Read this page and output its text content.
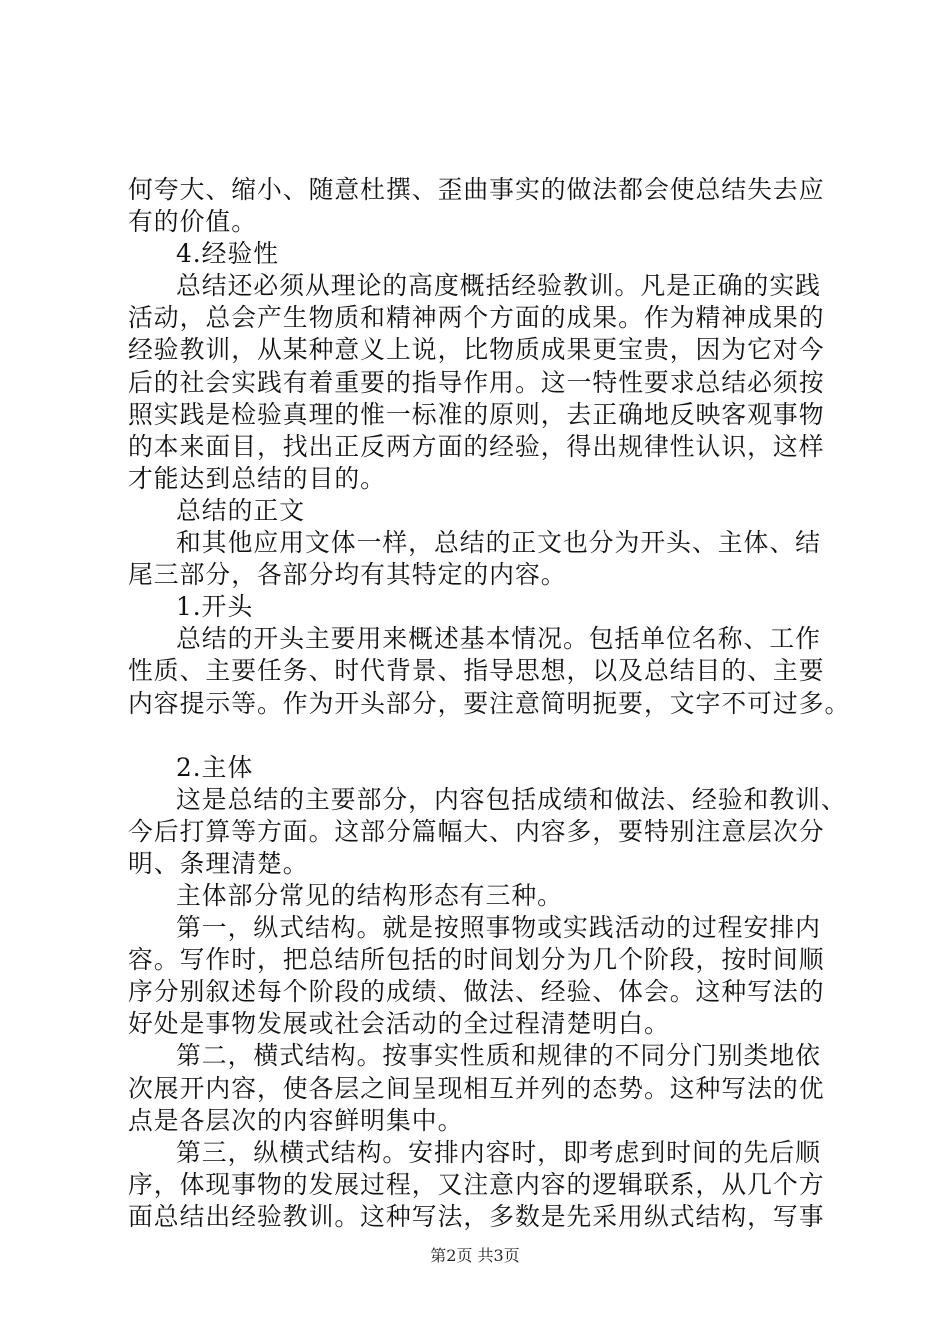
何夸大、缩小、随意杜撰、歪曲事实的做法都会使总结失去应
有的价值。
4.经验性
总结还必须从理论的高度概括经验教训。凡是正确的实践
活动，总会产生物质和精神两个方面的成果。作为精神成果的
经验教训，从某种意义上说，比物质成果更宝贵，因为它对今
后的社会实践有着重要的指导作用。这一特性要求总结必须按
照实践是检验真理的惟一标准的原则，去正确地反映客观事物
的本来面目，找出正反两方面的经验，得出规律性认识，这样
才能达到总结的目的。
总结的正文
和其他应用文体一样，总结的正文也分为开头、主体、结
尾三部分，各部分均有其特定的内容。
1.开头
总结的开头主要用来概述基本情况。包括单位名称、工作
性质、主要任务、时代背景、指导思想，以及总结目的、主要
内容提示等。作为开头部分，要注意简明扼要，文字不可过多。
2.主体
这是总结的主要部分，内容包括成绩和做法、经验和教训、
今后打算等方面。这部分篇幅大、内容多，要特别注意层次分
明、条理清楚。
主体部分常见的结构形态有三种。
第一，纵式结构。就是按照事物或实践活动的过程安排内
容。写作时，把总结所包括的时间划分为几个阶段，按时间顺
序分别叙述每个阶段的成绩、做法、经验、体会。这种写法的
好处是事物发展或社会活动的全过程清楚明白。
第二，横式结构。按事实性质和规律的不同分门别类地依
次展开内容，使各层之间呈现相互并列的态势。这种写法的优
点是各层次的内容鲜明集中。
第三，纵横式结构。安排内容时，即考虑到时间的先后顺
序，体现事物的发展过程，又注意内容的逻辑联系，从几个方
面总结出经验教训。这种写法，多数是先采用纵式结构，写事
第2页 共3页
